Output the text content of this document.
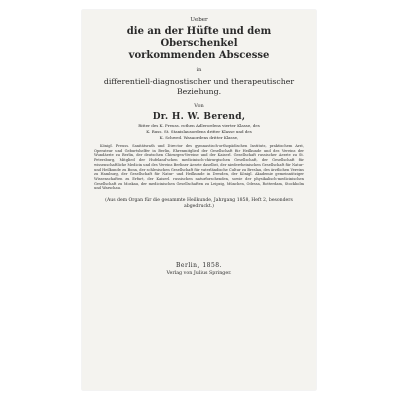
Ueber

die an der Hüfte und dem Oberschenkel

vorkommenden Abscesse

in

differentiell-diagnostischer und therapeutischer

Beziehung.

Von

Dr. H. W. Berend,

Ritter des K. Preuss. rothen Adlerordens vierter Klasse, des

K. Russ. St. Stanislausordens dritter Klasse und des

K. Schwed. Wasaordens dritter Klasse,

Königl. Preuss. Sanitätsrath und Director des gymnastisch-orthopädischen Instituts, praktischem Arzt, Operateur und Geburtshelfer in Berlin, Ehrenmitglied der Gesellschaft für Heilkunde und des Vereins der Wundärzte zu Berlin, der deutschen Chirurgen-Vereine und der Kaiserl. Gesellschaft russischer Aerzte zu St. Petersburg, Mitglied der Hufeland'schen medicinisch-chirurgischen Gesellschaft, der Gesellschaft für wissenschaftliche Medicin und des Vereins Berliner Aerzte daselbst, der niederrheinischen Gesellschaft für Natur- und Heilkunde zu Bonn, der schlesischen Gesellschaft für vaterländische Cultur zu Breslau, des ärztlichen Vereins zu Hamburg, der Gesellschaft für Natur- und Heilkunde in Dresden, der Königl. Akademie gemeinnütziger Wissenschaften zu Erfurt, der Kaiserl. russischen naturforschenden, sowie der physikalisch-medicinischen Gesellschaft zu Moskau, der medicinischen Gesellschaften zu Leipzig, München, Odessa, Rotterdam, Stockholm und Warschau.

(Aus dem Organ für die gesammte Heilkunde, Jahrgang 1858, Heft 2, besonders abgedruckt.)

Berlin, 1858.

Verlag von Julius Springer.
